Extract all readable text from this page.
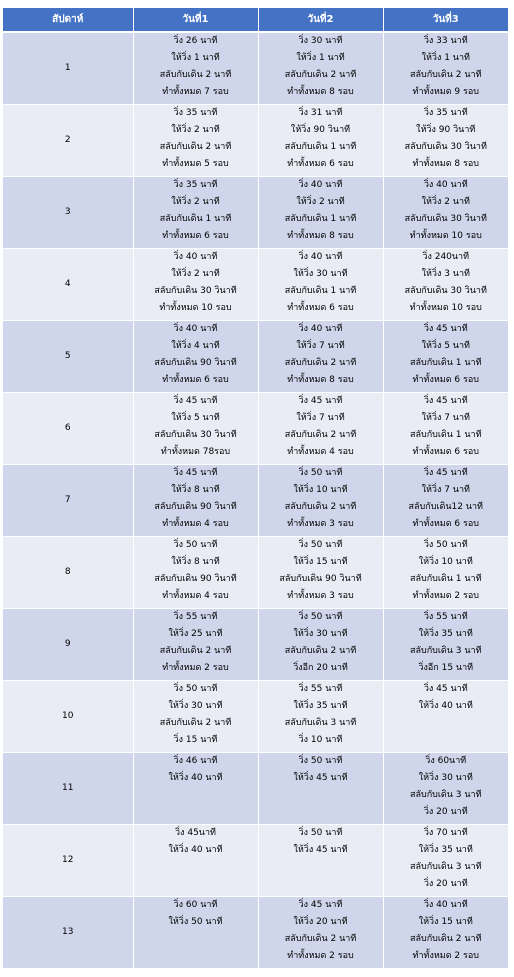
สัปดาห์	วันที่1	วันที่2	วันที่3
1	วิ่ง 26 นาที
ให้วิ่ง 1 นาที
สลับกับเดิน 2 นาที
ทำทั้งหมด 7 รอบ	วิ่ง 30 นาที
ให้วิ่ง 1 นาที
สลับกับเดิน 2 นาที
ทำทั้งหมด 8 รอบ	วิ่ง 33 นาที
ให้วิ่ง 1 นาที
สลับกับเดิน 2 นาที
ทำทั้งหมด 9 รอบ

2	วิ่ง 35 นาที
ให้วิ่ง 2 นาที
สลับกับเดิน 2 นาที
ทำทั้งหมด 5 รอบ	วิ่ง 31 นาที
ให้วิ่ง 90 วินาที
สลับกับเดิน 1 นาที
ทำทั้งหมด 6 รอบ	วิ่ง 35 นาที
ให้วิ่ง 90 วินาที
สลับกับเดิน 30 วินาที
ทำทั้งหมด 8 รอบ

3	วิ่ง 35 นาที
ให้วิ่ง 2 นาที
สลับกับเดิน 1 นาที
ทำทั้งหมด 6 รอบ	วิ่ง 40 นาที
ให้วิ่ง 2 นาที
สลับกับเดิน 1 นาที
ทำทั้งหมด 8 รอบ	วิ่ง 40 นาที
ให้วิ่ง 2 นาที
สลับกับเดิน 30 วินาที
ทำทั้งหมด 10 รอบ

4	วิ่ง 40 นาที
ให้วิ่ง 2 นาที
สลับกับเดิน 30 วินาที
ทำทั้งหมด 10 รอบ	วิ่ง 40 นาที
ให้วิ่ง 30 นาที
สลับกับเดิน 1 นาที
ทำทั้งหมด 6 รอบ	วิ่ง 240นาที
ให้วิ่ง 3 นาที
สลับกับเดิน 30 วินาที
ทำทั้งหมด 10 รอบ

5	วิ่ง 40 นาที
ให้วิ่ง 4 นาที
สลับกับเดิน 90 วินาที
ทำทั้งหมด 6 รอบ	วิ่ง 40 นาที
ให้วิ่ง 7 นาที
สลับกับเดิน 2 นาที
ทำทั้งหมด 8 รอบ	วิ่ง 45 นาที
ให้วิ่ง 5 นาที
สลับกับเดิน 1 นาที
ทำทั้งหมด 6 รอบ

6	วิ่ง 45 นาที
ให้วิ่ง 5 นาที
สลับกับเดิน 30 วินาที
ทำทั้งหมด 78รอบ	วิ่ง 45 นาที
ให้วิ่ง 7 นาที
สลับกับเดิน 2 นาที
ทำทั้งหมด 4 รอบ	วิ่ง 45 นาที
ให้วิ่ง 7 นาที
สลับกับเดิน 1 นาที
ทำทั้งหมด 6 รอบ

7	วิ่ง 45 นาที
ให้วิ่ง 8 นาที
สลับกับเดิน 90 วินาที
ทำทั้งหมด 4 รอบ	วิ่ง 50 นาที
ให้วิ่ง 10 นาที
สลับกับเดิน 2 นาที
ทำทั้งหมด 3 รอบ	วิ่ง 45 นาที
ให้วิ่ง 7 นาที
สลับกับเดิน12 นาที
ทำทั้งหมด 6 รอบ

8	วิ่ง 50 นาที
ให้วิ่ง 8 นาที
สลับกับเดิน 90 วินาที
ทำทั้งหมด 4 รอบ	วิ่ง 50 นาที
ให้วิ่ง 15 นาที
สลับกับเดิน 90 วินาที
ทำทั้งหมด 3 รอบ	วิ่ง 50 นาที
ให้วิ่ง 10 นาที
สลับกับเดิน 1 นาที
ทำทั้งหมด 2 รอบ

9	วิ่ง 55 นาที
ให้วิ่ง 25 นาที
สลับกับเดิน 2 นาที
ทำทั้งหมด 2 รอบ	วิ่ง 50 นาที
ให้วิ่ง 30 นาที
สลับกับเดิน 2 นาที
วิ่งอีก 20 นาที	วิ่ง 55 นาที
ให้วิ่ง 35 นาที
สลับกับเดิน 3 นาที
วิ่งอีก 15 นาที

10	วิ่ง 50 นาที
ให้วิ่ง 30 นาที
สลับกับเดิน 2 นาที
วิ่ง 15 นาที	วิ่ง 55 นาที
ให้วิ่ง 35 นาที
สลับกับเดิน 3 นาที
วิ่ง 10 นาที	วิ่ง 45 นาที
ให้วิ่ง 40 นาที

11	วิ่ง 46 นาที
ให้วิ่ง 40 นาที	วิ่ง 50 นาที
ให้วิ่ง 45 นาที	วิ่ง 60นาที
ให้วิ่ง 30 นาที
สลับกับเดิน 3 นาที
วิ่ง 20 นาที

12	วิ่ง 45นาที
ให้วิ่ง 40 นาที	วิ่ง 50 นาที
ให้วิ่ง 45 นาที	วิ่ง 70 นาที
ให้วิ่ง 35 นาที
สลับกับเดิน 3 นาที
วิ่ง 20 นาที

13	วิ่ง 60 นาที
ให้วิ่ง 50 นาที	วิ่ง 45 นาที
ให้วิ่ง 20 นาที
สลับกับเดิน 2 นาที
ทำทั้งหมด 2 รอบ	วิ่ง 40 นาที
ให้วิ่ง 15 นาที
สลับกับเดิน 2 นาที
ทำทั้งหมด 2 รอบ
